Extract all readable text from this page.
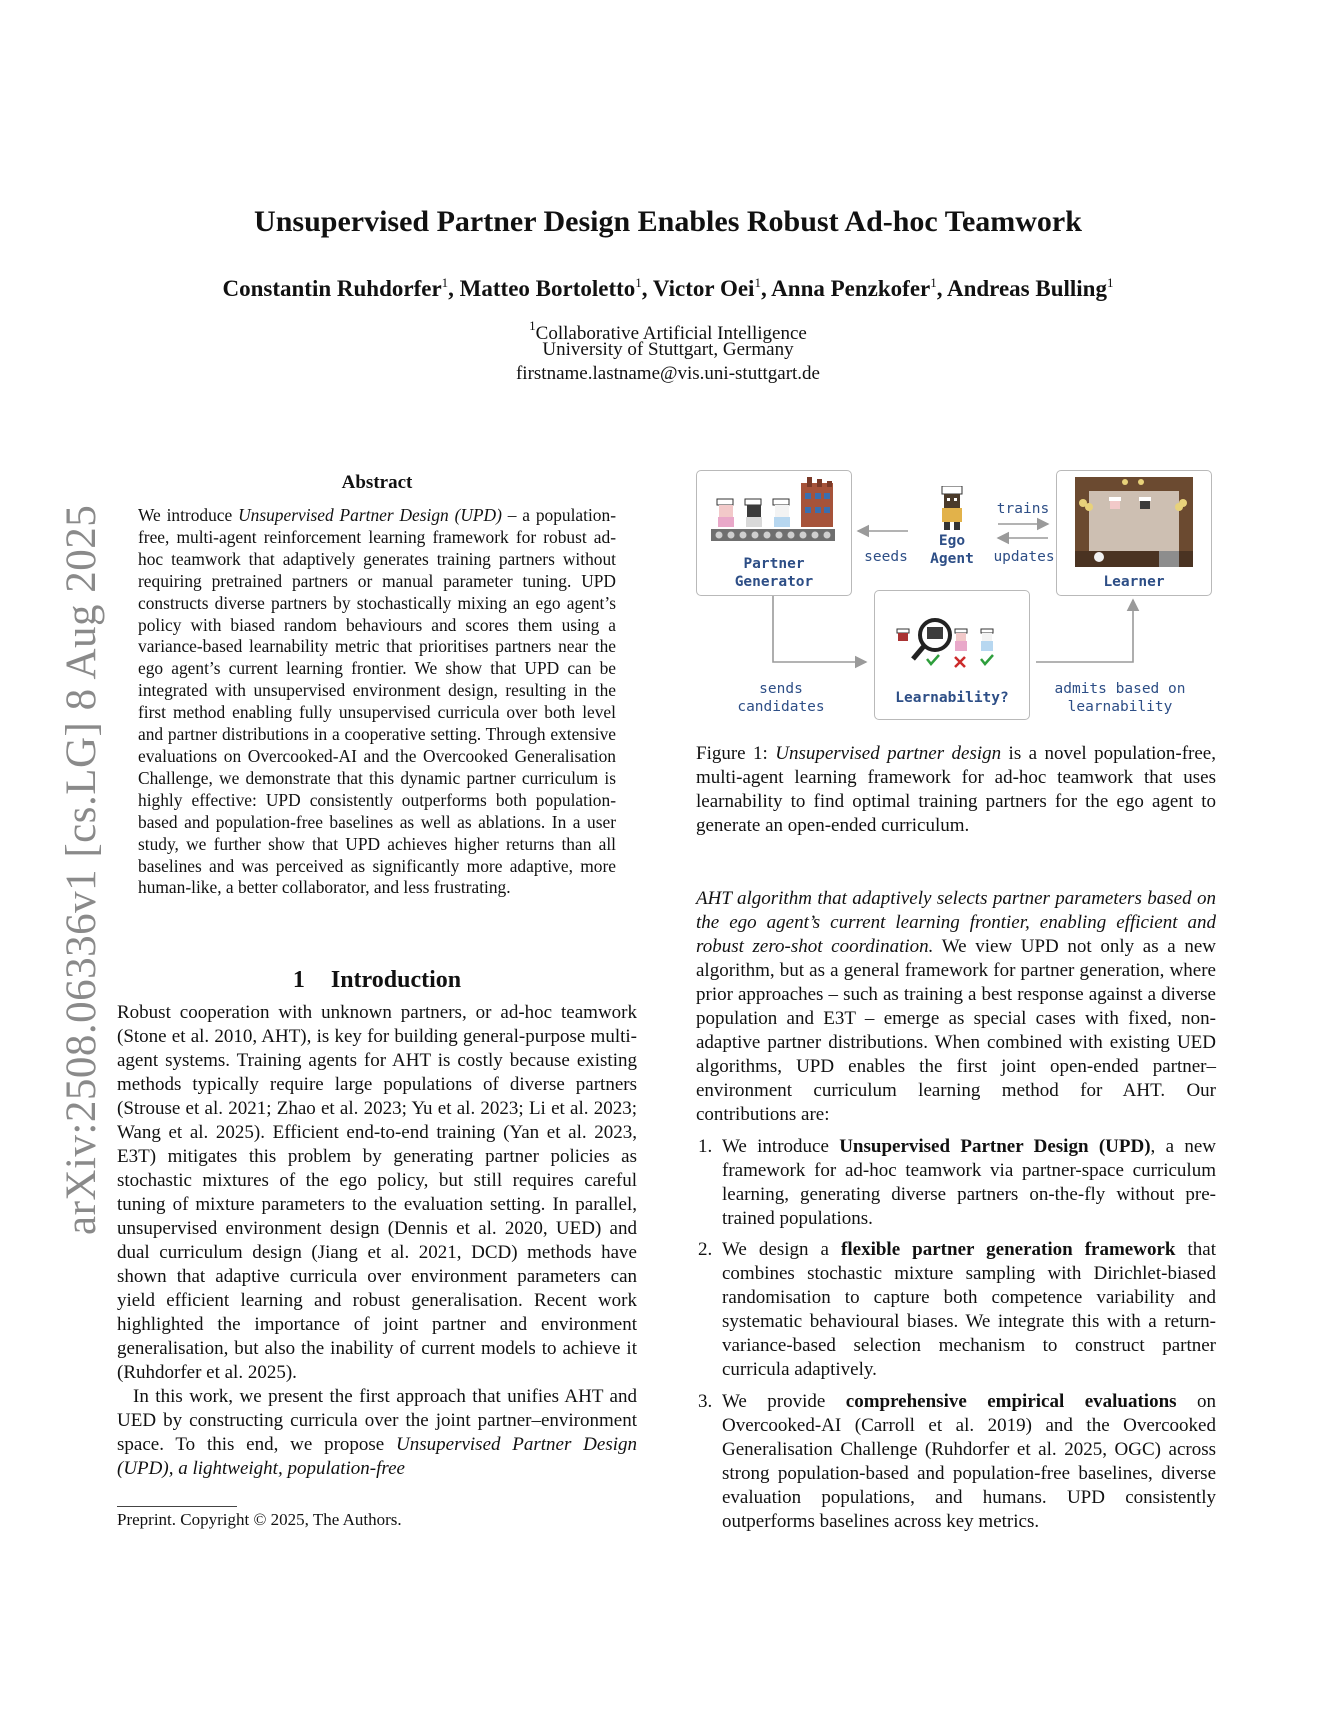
arXiv:2508.06336v1 [cs.LG] 8 Aug 2025
Unsupervised Partner Design Enables Robust Ad-hoc Teamwork
Constantin Ruhdorfer$^1$, Matteo Bortoletto$^1$, Victor Oei$^1$, Anna Penzkofer$^1$, Andreas Bulling$^1$
$^1$Collaborative Artificial Intelligence
University of Stuttgart, Germany
firstname.lastname@vis.uni-stuttgart.de
Abstract
We introduce Unsupervised Partner Design (UPD) – a population-free, multi-agent reinforcement learning framework for robust ad-hoc teamwork that adaptively generates training partners without requiring pretrained partners or manual parameter tuning. UPD constructs diverse partners by stochastically mixing an ego agent’s policy with biased random behaviours and scores them using a variance-based learnability metric that prioritises partners near the ego agent’s current learning frontier. We show that UPD can be integrated with unsupervised environment design, resulting in the first method enabling fully unsupervised curricula over both level and partner distributions in a cooperative setting. Through extensive evaluations on Overcooked-AI and the Overcooked Generalisation Challenge, we demonstrate that this dynamic partner curriculum is highly effective: UPD consistently outperforms both population-based and population-free baselines as well as ablations. In a user study, we further show that UPD achieves higher returns than all baselines and was perceived as significantly more adaptive, more human-like, a better collaborator, and less frustrating.
1 Introduction

Robust cooperation with unknown partners, or ad-hoc teamwork (Stone et al. 2010, AHT), is key for building general-purpose multi-agent systems. Training agents for AHT is costly because existing methods typically require large populations of diverse partners (Strouse et al. 2021; Zhao et al. 2023; Yu et al. 2023; Li et al. 2023; Wang et al. 2025). Efficient end-to-end training (Yan et al. 2023, E3T) mitigates this problem by generating partner policies as stochastic mixtures of the ego policy, but still requires careful tuning of mixture parameters to the evaluation setting. In parallel, unsupervised environment design (Dennis et al. 2020, UED) and dual curriculum design (Jiang et al. 2021, DCD) methods have shown that adaptive curricula over environment parameters can yield efficient learning and robust generalisation. Recent work highlighted the importance of joint partner and environment generalisation, but also the inability of current models to achieve it (Ruhdorfer et al. 2025).

In this work, we present the first approach that unifies AHT and UED by constructing curricula over the joint partner–environment space. To this end, we propose Unsupervised Partner Design (UPD), a lightweight, population-free

Preprint. Copyright © 2025, The Authors.
Partner
Generator
Ego
Agent
Learner
Learnability?
seeds
trains
updates
sends
candidates
admits based on
learnability
Figure 1: Unsupervised partner design is a novel population-free, multi-agent learning framework for ad-hoc teamwork that uses learnability to find optimal training partners for the ego agent to generate an open-ended curriculum.
AHT algorithm that adaptively selects partner parameters based on the ego agent’s current learning frontier, enabling efficient and robust zero-shot coordination. We view UPD not only as a new algorithm, but as a general framework for partner generation, where prior approaches – such as training a best response against a diverse population and E3T – emerge as special cases with fixed, non-adaptive partner distributions. When combined with existing UED algorithms, UPD enables the first joint open-ended partner–environment curriculum learning method for AHT. Our contributions are:
1. We introduce Unsupervised Partner Design (UPD), a new framework for ad-hoc teamwork via partner-space curriculum learning, generating diverse partners on-the-fly without pre-trained populations.
2. We design a flexible partner generation framework that combines stochastic mixture sampling with Dirichlet-biased randomisation to capture both competence variability and systematic behavioural biases. We integrate this with a return-variance-based selection mechanism to construct partner curricula adaptively.
3. We provide comprehensive empirical evaluations on Overcooked-AI (Carroll et al. 2019) and the Overcooked Generalisation Challenge (Ruhdorfer et al. 2025, OGC) across strong population-based and population-free baselines, diverse evaluation populations, and humans. UPD consistently outperforms baselines across key metrics.
